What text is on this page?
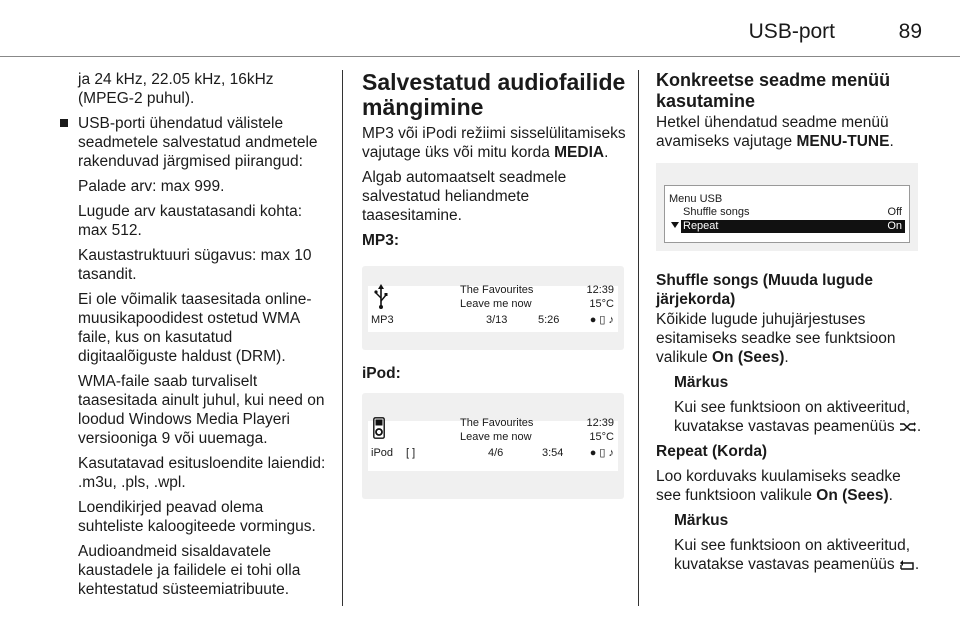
USB-port	89

ja 24 kHz, 22.05 kHz, 16kHz (MPEG-2 puhul).

USB-porti ühendatud välistele seadmetele salvestatud andmetele rakenduvad järgmised piirangud:

Palade arv: max 999.

Lugude arv kaustatasandi kohta: max 512.

Kaustastruktuuri sügavus: max 10 tasandit.

Ei ole võimalik taasesitada online-muusikapoodidest ostetud WMA faile, kus on kasutatud digitaalõiguste haldust (DRM).

WMA-faile saab turvaliselt taasesitada ainult juhul, kui need on loodud Windows Media Playeri versiooniga 9 või uuemaga.

Kasutatavad esitusloendite laiendid: .m3u, .pls, .wpl.

Loendikirjed peavad olema suhteliste kaloogiteede vormingus.

Audioandmeid sisaldavatele kaustadele ja failidele ei tohi olla kehtestatud süsteemiatribuute.

Salvestatud audiofailide mängimine

MP3 või iPodi režiimi sisselülitamiseks vajutage üks või mitu korda MEDIA.

Algab automaatselt seadmele salvestatud heliandmete taasesitamine.

MP3:

The Favourites	12:39
Leave me now	15°C
MP3	3/13	5:26	● ▯ ♪

iPod:

The Favourites	12:39
Leave me now	15°C
iPod [ ]	4/6	3:54 ● ▯ ♪
Konkreetse seadme menüü kasutamine

Hetkel ühendatud seadme menüü avamiseks vajutage MENU-TUNE.

Menu USB
Shuffle songs	Off
Repeat	On

Shuffle songs (Muuda lugude järjekorda)

Kõikide lugude juhujärjestuses esitamiseks seadke see funktsioon valikule On (Sees).

Märkus

Kui see funktsioon on aktiveeritud, kuvatakse vastavas peamenüüs .

Repeat (Korda)

Loo korduvaks kuulamiseks seadke see funktsioon valikule On (Sees).

Märkus

Kui see funktsioon on aktiveeritud, kuvatakse vastavas peamenüüs .
